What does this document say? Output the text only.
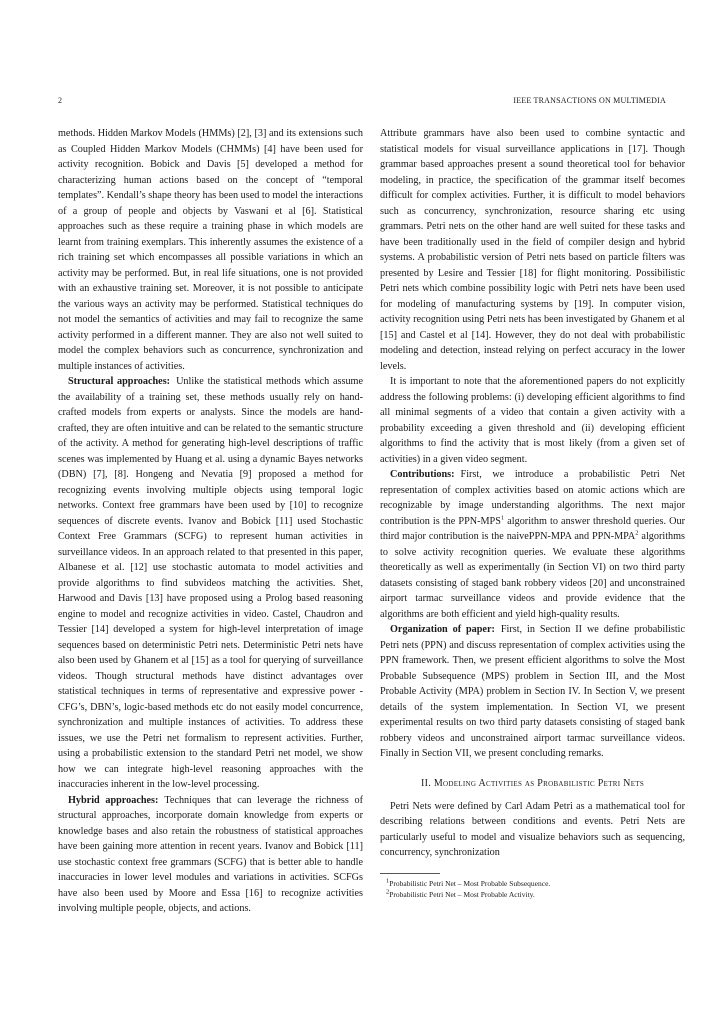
2	IEEE TRANSACTIONS ON MULTIMEDIA

methods. Hidden Markov Models (HMMs) [2], [3] and its extensions such as Coupled Hidden Markov Models (CHMMs) [4] have been used for activity recognition. Bobick and Davis [5] developed a method for characterizing human actions based on the concept of “temporal templates”. Kendall’s shape theory has been used to model the interactions of a group of people and objects by Vaswani et al [6]. Statistical approaches such as these require a training phase in which models are learnt from training exemplars. This inherently assumes the existence of a rich training set which encompasses all possible variations in which an activity may be performed. But, in real life situations, one is not provided with an exhaustive training set. Moreover, it is not possible to anticipate the various ways an activity may be performed. Statistical techniques do not model the semantics of activities and may fail to recognize the same activity performed in a different manner. They are also not well suited to model the complex behaviors such as concurrence, synchronization and multiple instances of activities.

Structural approaches: Unlike the statistical methods which assume the availability of a training set, these methods usually rely on hand-crafted models from experts or analysts. Since the models are hand-crafted, they are often intuitive and can be related to the semantic structure of the activity. A method for generating high-level descriptions of traffic scenes was implemented by Huang et al. using a dynamic Bayes networks (DBN) [7], [8]. Hongeng and Nevatia [9] proposed a method for recognizing events involving multiple objects using temporal logic networks. Context free grammars have been used by [10] to recognize sequences of discrete events. Ivanov and Bobick [11] used Stochastic Context Free Grammars (SCFG) to represent human activities in surveillance videos. In an approach related to that presented in this paper, Albanese et al. [12] use stochastic automata to model activities and provide algorithms to find subvideos matching the activities. Shet, Harwood and Davis [13] have proposed using a Prolog based reasoning engine to model and recognize activities in video. Castel, Chaudron and Tessier [14] developed a system for high-level interpretation of image sequences based on deterministic Petri nets. Deterministic Petri nets have also been used by Ghanem et al [15] as a tool for querying of surveillance videos. Though structural methods have distinct advantages over statistical techniques in terms of representative and expressive power - CFG’s, DBN’s, logic-based methods etc do not easily model concurrence, synchronization and multiple instances of activities. To address these issues, we use the Petri net formalism to represent activities. Further, using a probabilistic extension to the standard Petri net model, we show how we can integrate high-level reasoning approaches with the inaccuracies inherent in the low-level processing.

Hybrid approaches: Techniques that can leverage the richness of structural approaches, incorporate domain knowledge from experts or knowledge bases and also retain the robustness of statistical approaches have been gaining more attention in recent years. Ivanov and Bobick [11] use stochastic context free grammars (SCFG) that is better able to handle inaccuracies in lower level modules and variations in activities. SCFGs have also been used by Moore and Essa [16] to recognize activities involving multiple people, objects, and actions.

Attribute grammars have also been used to combine syntactic and statistical models for visual surveillance applications in [17]. Though grammar based approaches present a sound theoretical tool for behavior modeling, in practice, the specification of the grammar itself becomes difficult for complex activities. Further, it is difficult to model behaviors such as concurrency, synchronization, resource sharing etc using grammars. Petri nets on the other hand are well suited for these tasks and have been traditionally used in the field of compiler design and hybrid systems. A probabilistic version of Petri nets based on particle filters was presented by Lesire and Tessier [18] for flight monitoring. Possibilistic Petri nets which combine possibility logic with Petri nets have been used for modeling of manufacturing systems by [19]. In computer vision, activity recognition using Petri nets has been investigated by Ghanem et al [15] and Castel et al [14]. However, they do not deal with probabilistic modeling and detection, instead relying on perfect accuracy in the lower levels.

It is important to note that the aforementioned papers do not explicitly address the following problems: (i) developing efficient algorithms to find all minimal segments of a video that contain a given activity with a probability exceeding a given threshold and (ii) developing efficient algorithms to find the activity that is most likely (from a given set of activities) in a given video segment.

Contributions: First, we introduce a probabilistic Petri Net representation of complex activities based on atomic actions which are recognizable by image understanding algorithms. The next major contribution is the PPN-MPS$^1$ algorithm to answer threshold queries. Our third major contribution is the naivePPN-MPA and PPN-MPA$^2$ algorithms to solve activity recognition queries. We evaluate these algorithms theoretically as well as experimentally (in Section VI) on two third party datasets consisting of staged bank robbery videos [20] and unconstrained airport tarmac surveillance videos and provide evidence that the algorithms are both efficient and yield high-quality results.

Organization of paper: First, in Section II we define probabilistic Petri nets (PPN) and discuss representation of complex activities using the PPN framework. Then, we present efficient algorithms to solve the Most Probable Subsequence (MPS) problem in Section III, and the Most Probable Activity (MPA) problem in Section IV. In Section V, we present details of the system implementation. In Section VI, we present experimental results on two third party datasets consisting of staged bank robbery videos and unconstrained airport tarmac surveillance videos. Finally in Section VII, we present concluding remarks.

II. Modeling Activities as Probabilistic Petri Nets

Petri Nets were defined by Carl Adam Petri as a mathematical tool for describing relations between conditions and events. Petri Nets are particularly useful to model and visualize behaviors such as sequencing, concurrency, synchronization

$^1$Probabilistic Petri Net – Most Probable Subsequence.
$^2$Probabilistic Petri Net – Most Probable Activity.
